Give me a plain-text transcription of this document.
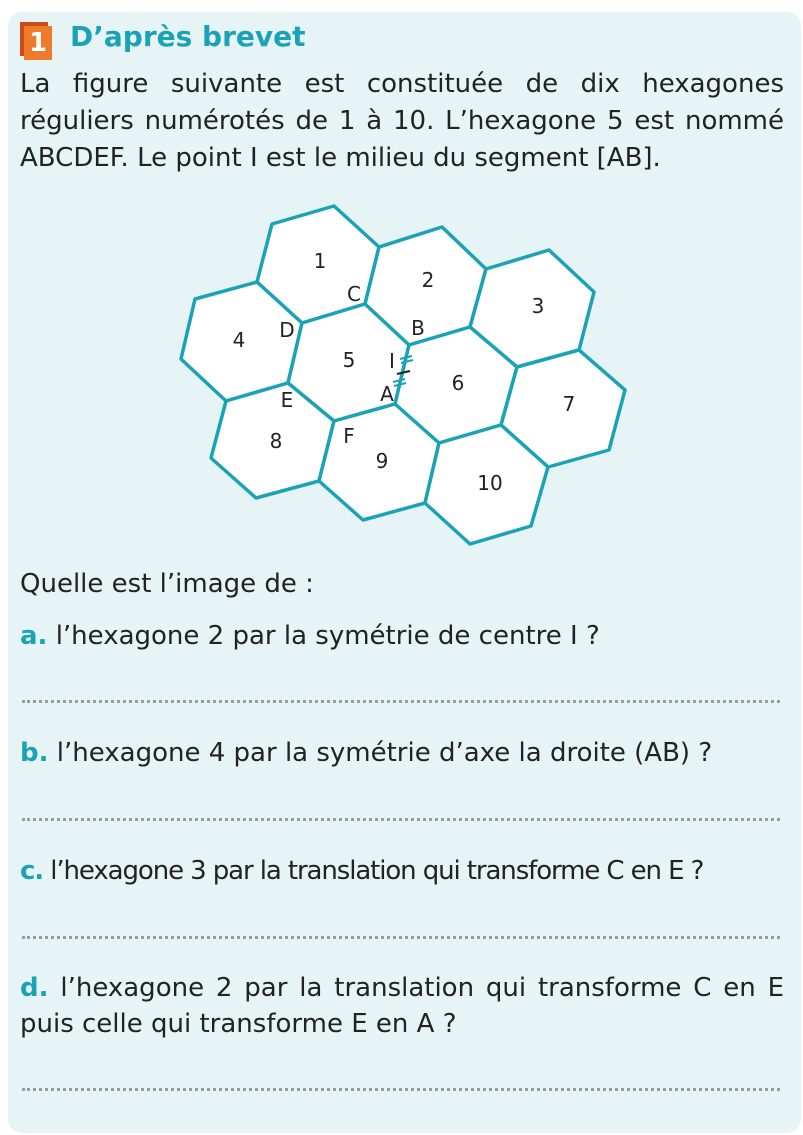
1 D’après brevet
La figure suivante est constituée de dix hexagones réguliers numérotés de 1 à 10. L’hexagone 5 est nommé ABCDEF. Le point I est le milieu du segment [AB].
1
2
3
4
5
6
7
8
9
10
A
B
C
D
E
F
I
Quelle est l’image de :
a. l’hexagone 2 par la symétrie de centre I ?
b. l’hexagone 4 par la symétrie d’axe la droite (AB) ?
c. l’hexagone 3 par la translation qui transforme C en E ?
d. l’hexagone 2 par la translation qui transforme C en E puis celle qui transforme E en A ?
